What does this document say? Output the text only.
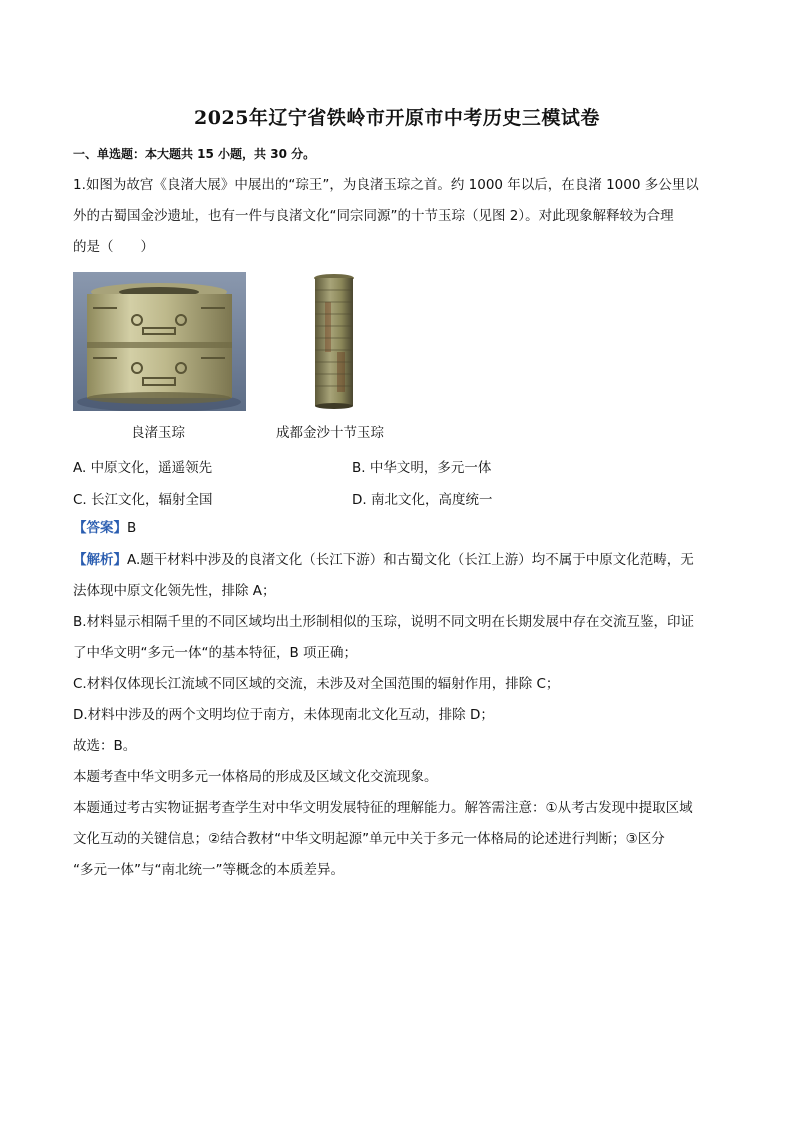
2025年辽宁省铁岭市开原市中考历史三模试卷
一、单选题：本大题共 15 小题，共 30 分。
1.如图为故宫《良渚大展》中展出的“琮王”，为良渚玉琮之首。约 1000 年以后，在良渚 1000 多公里以
外的古蜀国金沙遗址，也有一件与良渚文化“同宗同源”的十节玉琮（见图 2）。对此现象解释较为合理
的是（　　）
良渚玉琮	成都金沙十节玉琮
A. 中原文化，遥遥领先	B. 中华文明，多元一体
C. 长江文化，辐射全国	D. 南北文化，高度统一
【答案】B
【解析】A.题干材料中涉及的良渚文化（长江下游）和古蜀文化（长江上游）均不属于中原文化范畴，无
法体现中原文化领先性，排除 A；
B.材料显示相隔千里的不同区域均出土形制相似的玉琮，说明不同文明在长期发展中存在交流互鉴，印证
了中华文明“多元一体“的基本特征，B 项正确；
C.材料仅体现长江流域不同区域的交流，未涉及对全国范围的辐射作用，排除 C；
D.材料中涉及的两个文明均位于南方，未体现南北文化互动，排除 D；
故选：B。
本题考查中华文明多元一体格局的形成及区域文化交流现象。
本题通过考古实物证据考查学生对中华文明发展特征的理解能力。解答需注意：①从考古发现中提取区域
文化互动的关键信息；②结合教材“中华文明起源”单元中关于多元一体格局的论述进行判断；③区分
“多元一体”与“南北统一”等概念的本质差异。
